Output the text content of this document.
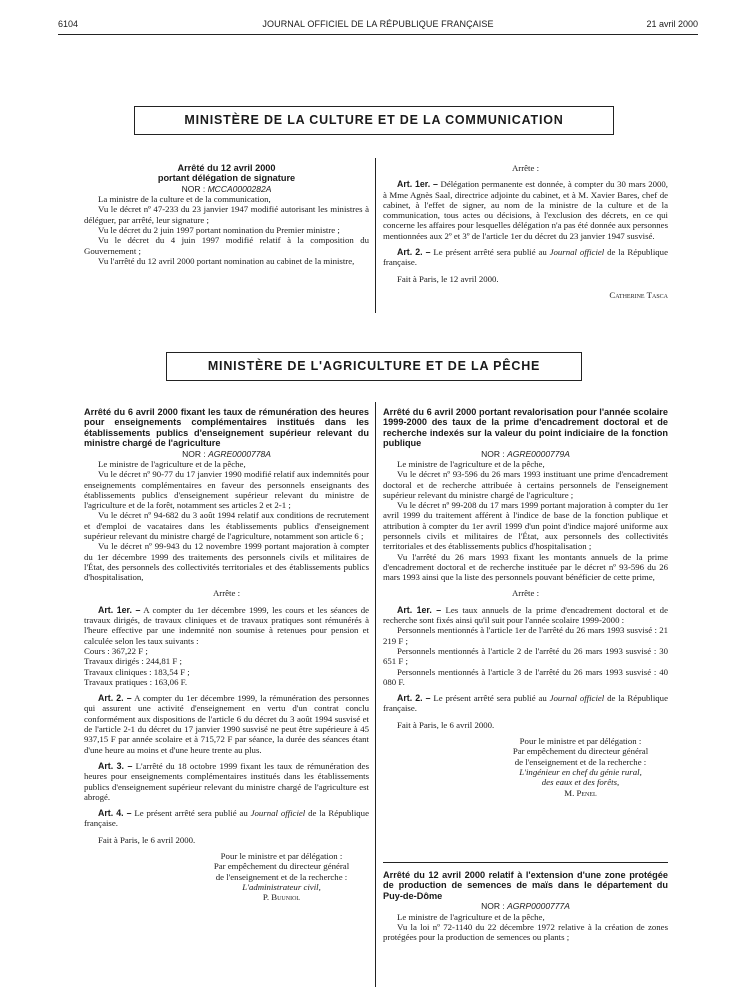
6104	JOURNAL OFFICIEL DE LA RÉPUBLIQUE FRANÇAISE	21 avril 2000
MINISTÈRE DE LA CULTURE ET DE LA COMMUNICATION

Arrêté du 12 avril 2000

portant délégation de signature

NOR : MCCA0000282A

La ministre de la culture et de la communication,

Vu le décret nº 47-233 du 23 janvier 1947 modifié autorisant les ministres à déléguer, par arrêté, leur signature ;

Vu le décret du 2 juin 1997 portant nomination du Premier ministre ;

Vu le décret du 4 juin 1997 modifié relatif à la composition du Gouvernement ;

Vu l'arrêté du 12 avril 2000 portant nomination au cabinet de la ministre,

Arrête :

Art. 1er. – Délégation permanente est donnée, à compter du 30 mars 2000, à Mme Agnès Saal, directrice adjointe du cabinet, et à M. Xavier Bares, chef de cabinet, à l'effet de signer, au nom de la ministre de la culture et de la communication, tous actes ou décisions, à l'exclusion des décrets, en ce qui concerne les affaires pour lesquelles délégation n'a pas été donnée aux personnes mentionnées aux 2º et 3º de l'article 1er du décret du 23 janvier 1947 susvisé.

Art. 2. – Le présent arrêté sera publié au Journal officiel de la République française.

Fait à Paris, le 12 avril 2000.

Catherine Tasca

MINISTÈRE DE L'AGRICULTURE ET DE LA PÊCHE

Arrêté du 6 avril 2000 fixant les taux de rémunération des heures pour enseignements complémentaires institués dans les établissements publics d'enseignement supérieur relevant du ministre chargé de l'agriculture

NOR : AGRE0000778A

Le ministre de l'agriculture et de la pêche,

Vu le décret nº 90-77 du 17 janvier 1990 modifié relatif aux indemnités pour enseignements complémentaires en faveur des personnels enseignants des établissements publics d'enseignement supérieur relevant du ministre de l'agriculture et de la forêt, notamment ses articles 2 et 2-1 ;

Vu le décret nº 94-682 du 3 août 1994 relatif aux conditions de recrutement et d'emploi de vacataires dans les établissements publics d'enseignement supérieur relevant du ministre chargé de l'agriculture, notamment son article 6 ;

Vu le décret nº 99-943 du 12 novembre 1999 portant majoration à compter du 1er décembre 1999 des traitements des personnels civils et militaires de l'État, des personnels des collectivités territoriales et des établissements publics d'hospitalisation,

Arrête :

Art. 1er. – A compter du 1er décembre 1999, les cours et les séances de travaux dirigés, de travaux cliniques et de travaux pratiques sont rémunérés à l'heure effective par une indemnité non soumise à retenues pour pension et calculée selon les taux suivants :

Cours : 367,22 F ;

Travaux dirigés : 244,81 F ;

Travaux cliniques : 183,54 F ;

Travaux pratiques : 163,06 F.

Art. 2. – A compter du 1er décembre 1999, la rémunération des personnes qui assurent une activité d'enseignement en vertu d'un contrat conclu conformément aux dispositions de l'article 6 du décret du 3 août 1994 susvisé et de l'article 2-1 du décret du 17 janvier 1990 susvisé ne peut être supérieure à 45 937,15 F par année scolaire et à 715,72 F par séance, la durée des séances étant d'une heure au moins et d'une heure trente au plus.

Art. 3. – L'arrêté du 18 octobre 1999 fixant les taux de rémunération des heures pour enseignements complémentaires institués dans les établissements publics d'enseignement supérieur relevant du ministre chargé de l'agriculture est abrogé.

Art. 4. – Le présent arrêté sera publié au Journal officiel de la République française.

Fait à Paris, le 6 avril 2000.

Pour le ministre et par délégation :

Par empêchement du directeur général

de l'enseignement et de la recherche :

L'administrateur civil,

P. Buuniol

Arrêté du 6 avril 2000 portant revalorisation pour l'année scolaire 1999-2000 des taux de la prime d'encadrement doctoral et de recherche indexés sur la valeur du point indiciaire de la fonction publique

NOR : AGRE0000779A

Le ministre de l'agriculture et de la pêche,

Vu le décret nº 93-596 du 26 mars 1993 instituant une prime d'encadrement doctoral et de recherche attribuée à certains personnels de l'enseignement supérieur relevant du ministre chargé de l'agriculture ;

Vu le décret nº 99-208 du 17 mars 1999 portant majoration à compter du 1er avril 1999 du traitement afférent à l'indice de base de la fonction publique et attribution à compter du 1er avril 1999 d'un point d'indice majoré uniforme aux personnels civils et militaires de l'État, aux personnels des collectivités territoriales et des établissements publics d'hospitalisation ;

Vu l'arrêté du 26 mars 1993 fixant les montants annuels de la prime d'encadrement doctoral et de recherche instituée par le décret nº 93-596 du 26 mars 1993 ainsi que la liste des personnels pouvant bénéficier de cette prime,

Arrête :

Art. 1er. – Les taux annuels de la prime d'encadrement doctoral et de recherche sont fixés ainsi qu'il suit pour l'année scolaire 1999-2000 :

Personnels mentionnés à l'article 1er de l'arrêté du 26 mars 1993 susvisé : 21 219 F ;

Personnels mentionnés à l'article 2 de l'arrêté du 26 mars 1993 susvisé : 30 651 F ;

Personnels mentionnés à l'article 3 de l'arrêté du 26 mars 1993 susvisé : 40 080 F.

Art. 2. – Le présent arrêté sera publié au Journal officiel de la République française.

Fait à Paris, le 6 avril 2000.

Pour le ministre et par délégation :

Par empêchement du directeur général

de l'enseignement et de la recherche :

L'ingénieur en chef du génie rural,

des eaux et des forêts,

M. Penel

Arrêté du 12 avril 2000 relatif à l'extension d'une zone protégée de production de semences de maïs dans le département du Puy-de-Dôme

NOR : AGRP0000777A

Le ministre de l'agriculture et de la pêche,

Vu la loi nº 72-1140 du 22 décembre 1972 relative à la création de zones protégées pour la production de semences ou plants ;
